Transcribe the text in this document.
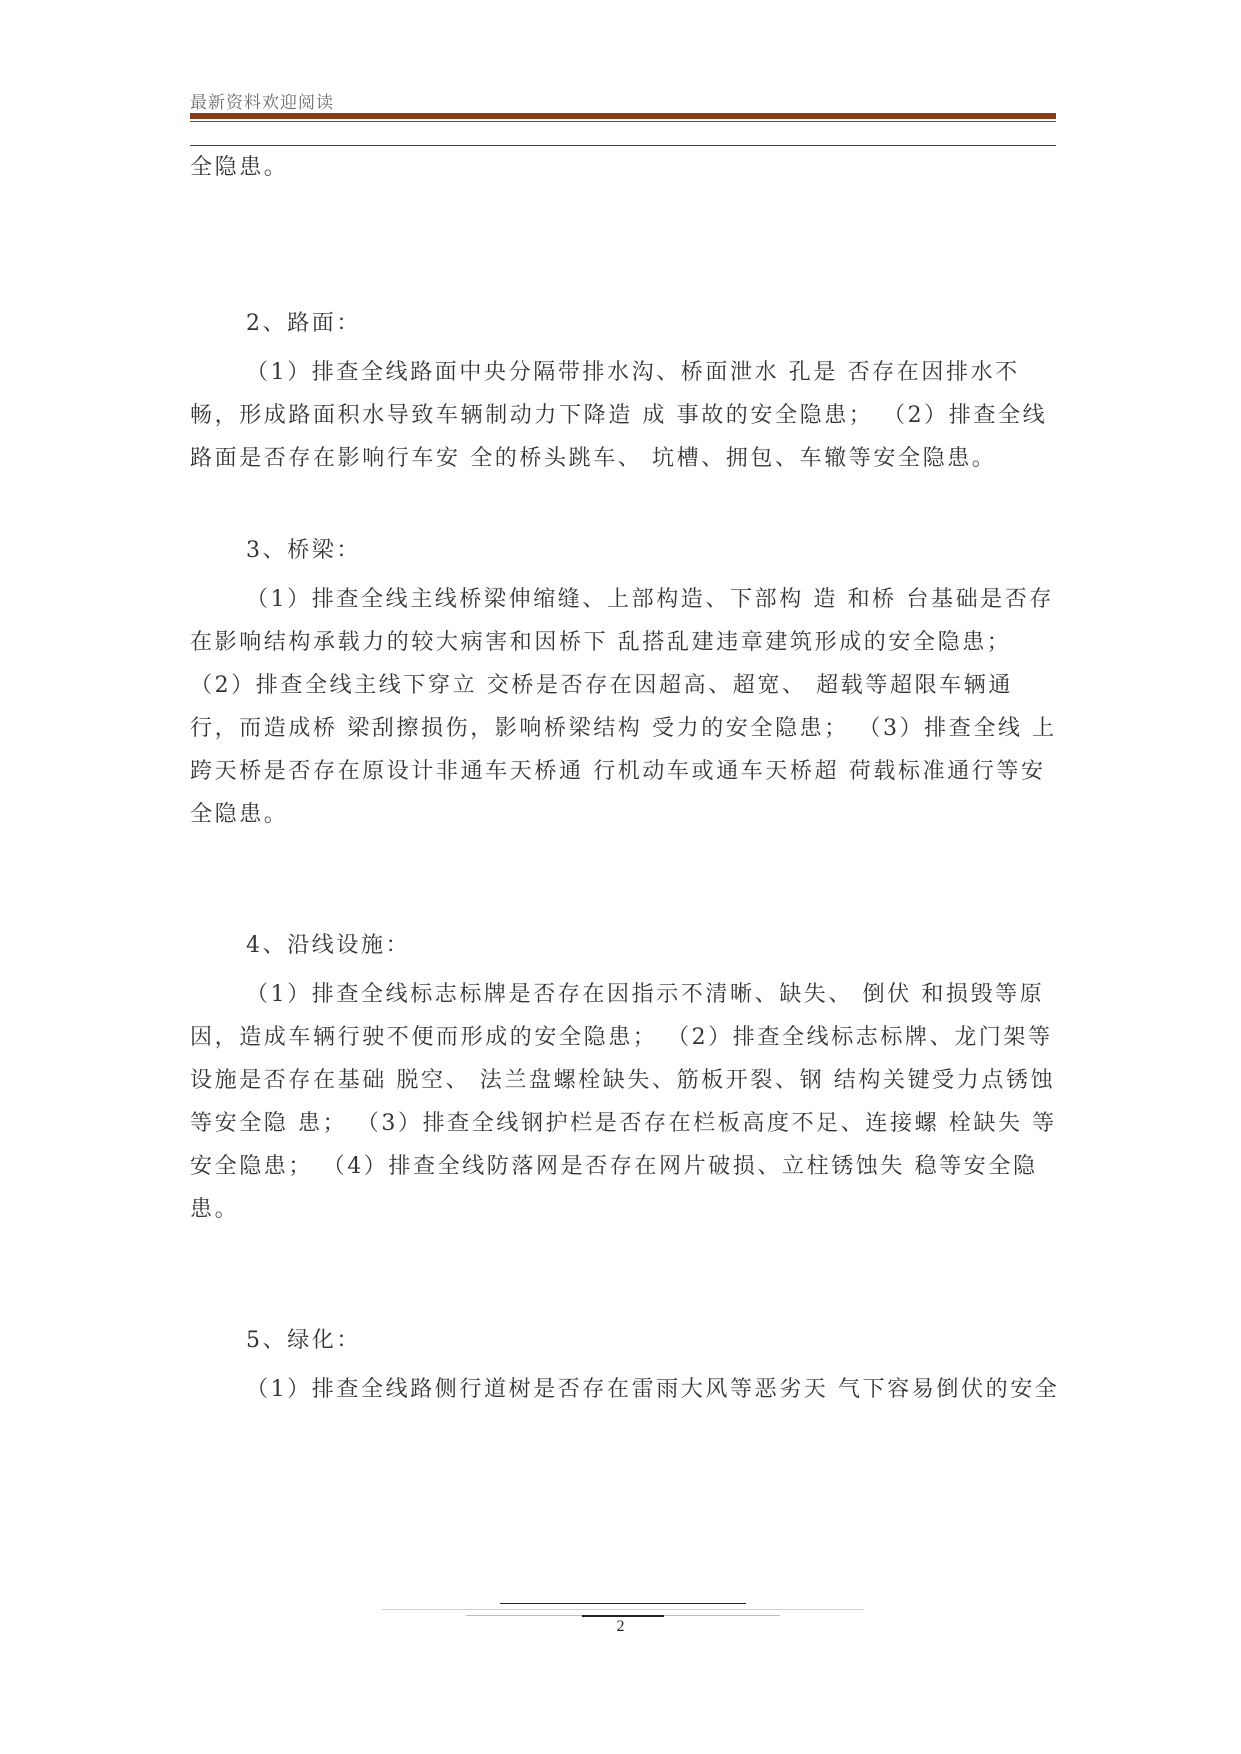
最新资料欢迎阅读

全隐患。

2、路面：

（1）排查全线路面中央分隔带排水沟、桥面泄水 孔是 否存在因排水不畅，形成路面积水导致车辆制动力下降造 成 事故的安全隐患； （2）排查全线路面是否存在影响行车安 全的桥头跳车、 坑槽、拥包、车辙等安全隐患。

3、桥梁：

（1）排查全线主线桥梁伸缩缝、上部构造、下部构 造 和桥 台基础是否存在影响结构承载力的较大病害和因桥下 乱搭乱建违章建筑形成的安全隐患； （2）排查全线主线下穿立 交桥是否存在因超高、超宽、 超载等超限车辆通行，而造成桥 梁刮擦损伤，影响桥梁结构 受力的安全隐患； （3）排查全线 上跨天桥是否存在原设计非通车天桥通 行机动车或通车天桥超 荷载标准通行等安全隐患。

4、沿线设施：

（1）排查全线标志标牌是否存在因指示不清晰、缺失、 倒伏 和损毁等原因，造成车辆行驶不便而形成的安全隐患； （2）排查全线标志标牌、龙门架等设施是否存在基础 脱空、 法兰盘螺栓缺失、筋板开裂、钢 结构关键受力点锈蚀 等安全隐 患； （3）排查全线钢护栏是否存在栏板高度不足、连接螺 栓缺失 等安全隐患； （4）排查全线防落网是否存在网片破损、立柱锈蚀失 稳等安全隐患。

5、绿化：

（1）排查全线路侧行道树是否存在雷雨大风等恶劣天 气下容易倒伏的安全

2
